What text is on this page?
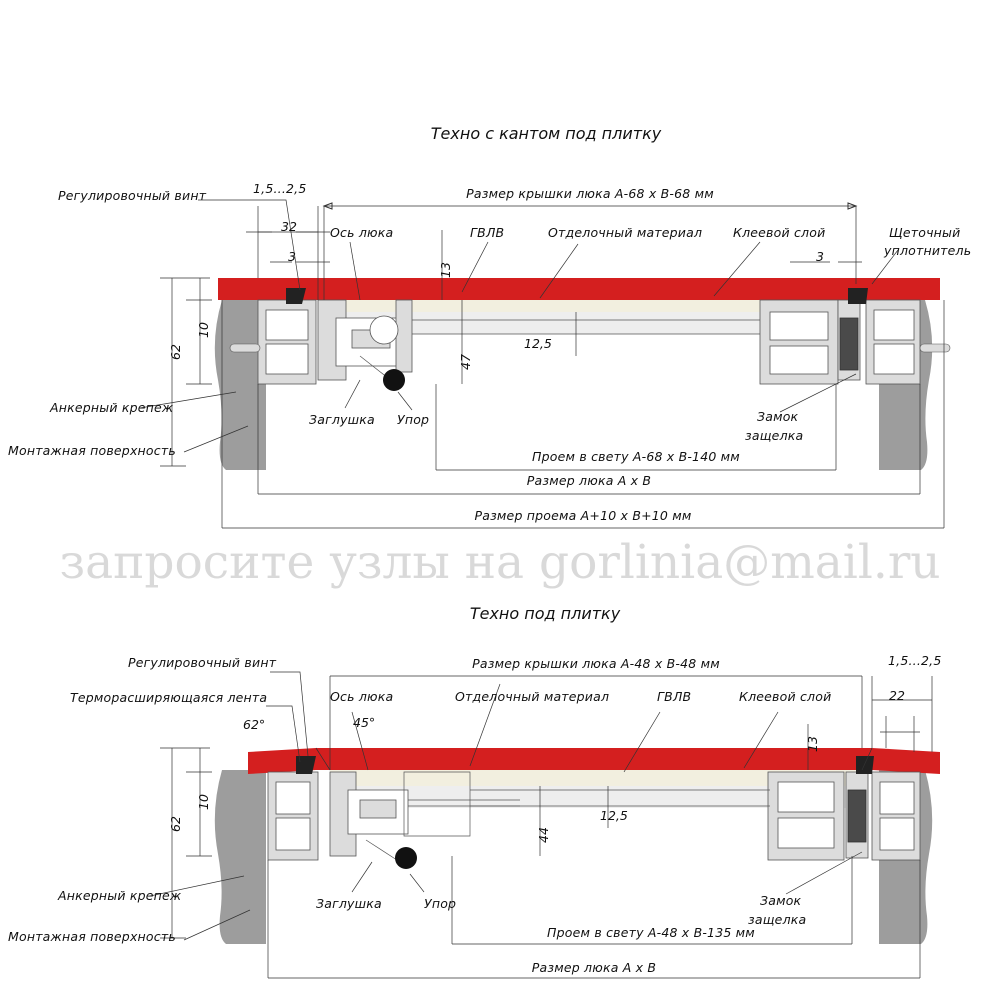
Техно с кантом под плитку
Регулировочный винт	1,5...2,5
32
3
Ось люка	ГВЛВ	Отделочный материал Клеевой слой	Щеточный
уплотнитель
3
Размер крышки люка А-68 х В-68 мм
13
47
12,5
62
10
Анкерный крепеж
Монтажная поверхность
Заглушка Упор	Замок
защелка
Проем в свету А-68 х В-140 мм
Размер люка А х В
Размер проема А+10 х В+10 мм
запросите узлы на gorlinia@mail.ru
Техно под плитку
Регулировочный винт
Терморасширяющаяся лента
62°	45°
Ось люка	Отделочный материал	ГВЛВ	Клеевой слой
Размер крышки люка А-48 х В-48 мм	1,5...2,5
22
13
44
12,5
62
10
Анкерный крепеж
Монтажная поверхность
Заглушка	Упор	Замок
защелка
Проем в свету А-48 х В-135 мм
Размер люка А х В
